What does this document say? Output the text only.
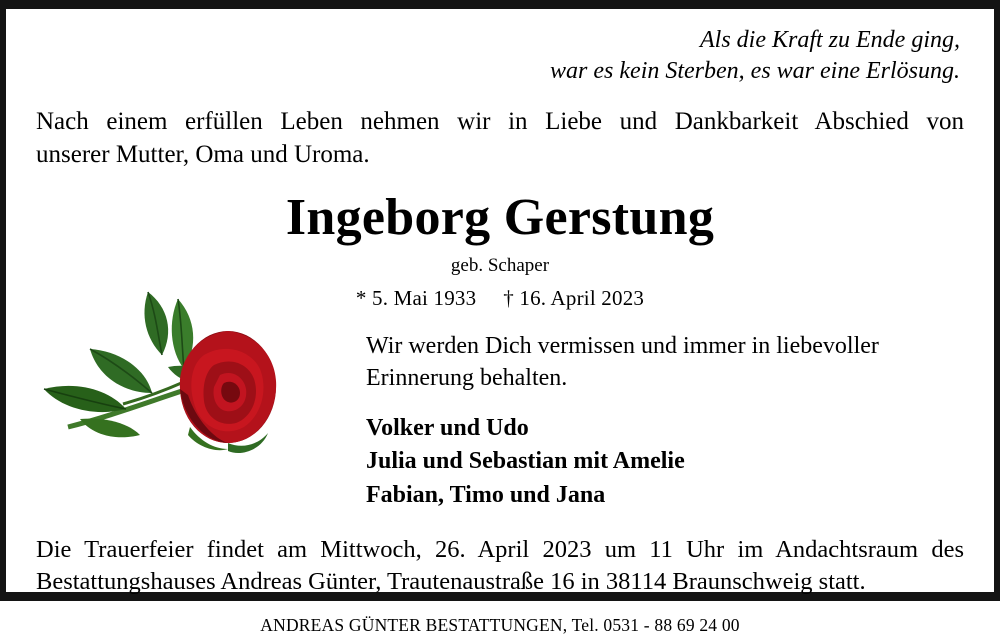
Als die Kraft zu Ende ging,
war es kein Sterben, es war eine Erlösung.
Nach einem erfüllen Leben nehmen wir in Liebe und Dankbarkeit Abschied von
unserer Mutter, Oma und Uroma.
Ingeborg Gerstung
geb. Schaper
* 5. Mai 1933 † 16. April 2023
Wir werden Dich vermissen und immer in liebevoller
Erinnerung behalten.
Volker und Udo
Julia und Sebastian mit Amelie
Fabian, Timo und Jana
Die Trauerfeier findet am Mittwoch, 26. April 2023 um 11 Uhr im Andachtsraum des
Bestattungshauses Andreas Günter, Trautenaustraße 16 in 38114 Braunschweig statt.
ANDREAS GÜNTER BESTATTUNGEN, Tel. 0531 - 88 69 24 00
